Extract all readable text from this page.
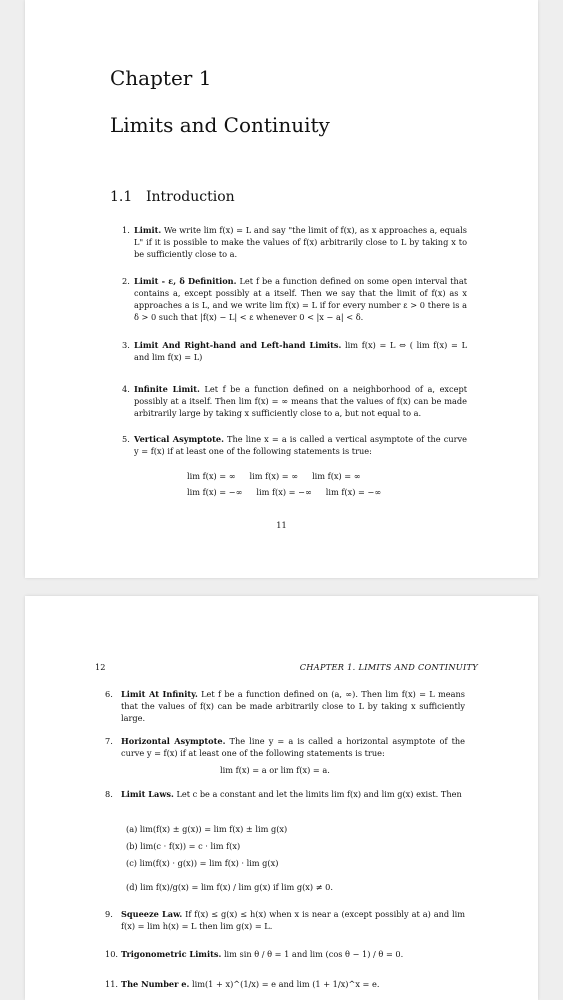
Chapter 1
Limits and Continuity
1.1 Introduction
1. Limit. We write lim f(x) = L and say "the limit of f(x), as x approaches a, equals L" if it is possible to make the values of f(x) arbitrarily close to L by taking x to be sufficiently close to a.
2. Limit - ε, δ Definition. Let f be a function defined on some open interval that contains a, except possibly at a itself. Then we say that the limit of f(x) as x approaches a is L, and we write lim f(x) = L if for every number ε > 0 there is a δ > 0 such that |f(x) − L| < ε whenever 0 < |x − a| < δ.
3. Limit And Right-hand and Left-hand Limits. lim f(x) = L ⇔ ( lim f(x) = L and lim f(x) = L)
4. Infinite Limit. Let f be a function defined on a neighborhood of a, except possibly at a itself. Then lim f(x) = ∞ means that the values of f(x) can be made arbitrarily large by taking x sufficiently close to a, but not equal to a.
5. Vertical Asymptote. The line x = a is called a vertical asymptote of the curve y = f(x) if at least one of the following statements is true:
lim f(x) = ∞ lim f(x) = ∞ lim f(x) = ∞
lim f(x) = −∞ lim f(x) = −∞ lim f(x) = −∞
11
12	CHAPTER 1. LIMITS AND CONTINUITY
6. Limit At Infinity. Let f be a function defined on (a, ∞). Then lim f(x) = L means that the values of f(x) can be made arbitrarily close to L by taking x sufficiently large.
7. Horizontal Asymptote. The line y = a is called a horizontal asymptote of the curve y = f(x) if at least one of the following statements is true:
lim f(x) = a or lim f(x) = a.
8. Limit Laws. Let c be a constant and let the limits lim f(x) and lim g(x) exist. Then
(a) lim(f(x) ± g(x)) = lim f(x) ± lim g(x)
(b) lim(c · f(x)) = c · lim f(x)
(c) lim(f(x) · g(x)) = lim f(x) · lim g(x)
(d) lim f(x)/g(x) = lim f(x) / lim g(x) if lim g(x) ≠ 0.
9. Squeeze Law. If f(x) ≤ g(x) ≤ h(x) when x is near a (except possibly at a) and lim f(x) = lim h(x) = L then lim g(x) = L.
10. Trigonometric Limits. lim sin θ / θ = 1 and lim (cos θ − 1) / θ = 0.
11. The Number e. lim(1 + x)^(1/x) = e and lim (1 + 1/x)^x = e.
